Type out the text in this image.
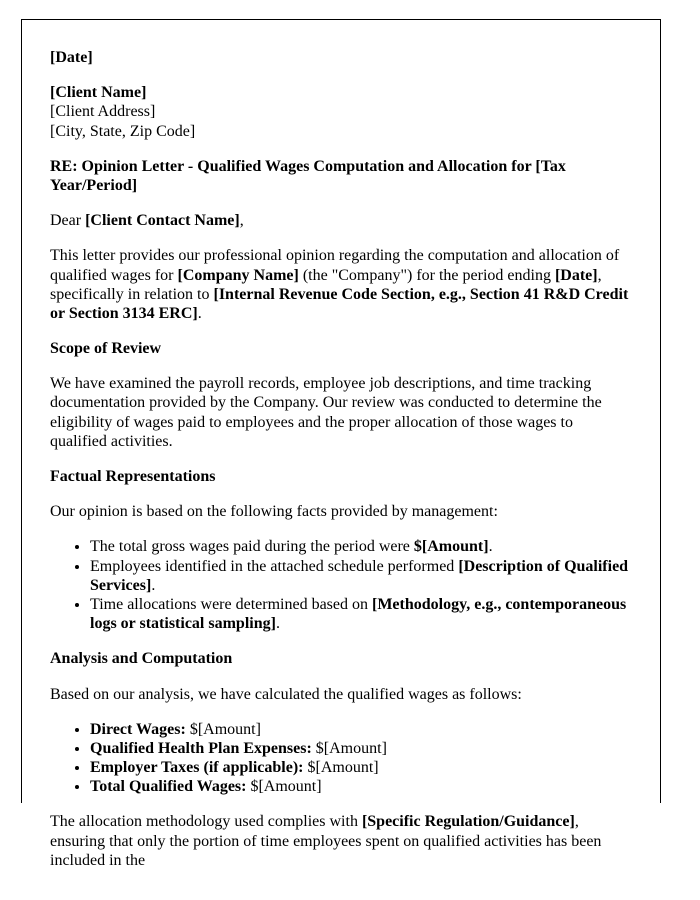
[Date]

[Client Name]
[Client Address]
[City, State, Zip Code]

RE: Opinion Letter - Qualified Wages Computation and Allocation for [Tax Year/Period]

Dear [Client Contact Name],

This letter provides our professional opinion regarding the computation and allocation of qualified wages for [Company Name] (the "Company") for the period ending [Date], specifically in relation to [Internal Revenue Code Section, e.g., Section 41 R&D Credit or Section 3134 ERC].

Scope of Review

We have examined the payroll records, employee job descriptions, and time tracking documentation provided by the Company. Our review was conducted to determine the eligibility of wages paid to employees and the proper allocation of those wages to qualified activities.

Factual Representations

Our opinion is based on the following facts provided by management:

• The total gross wages paid during the period were $[Amount].
• Employees identified in the attached schedule performed [Description of Qualified Services].
• Time allocations were determined based on [Methodology, e.g., contemporaneous logs or statistical sampling].

Analysis and Computation

Based on our analysis, we have calculated the qualified wages as follows:

• Direct Wages: $[Amount]
• Qualified Health Plan Expenses: $[Amount]
• Employer Taxes (if applicable): $[Amount]
• Total Qualified Wages: $[Amount]

The allocation methodology used complies with [Specific Regulation/Guidance], ensuring that only the portion of time employees spent on qualified activities has been included in the
